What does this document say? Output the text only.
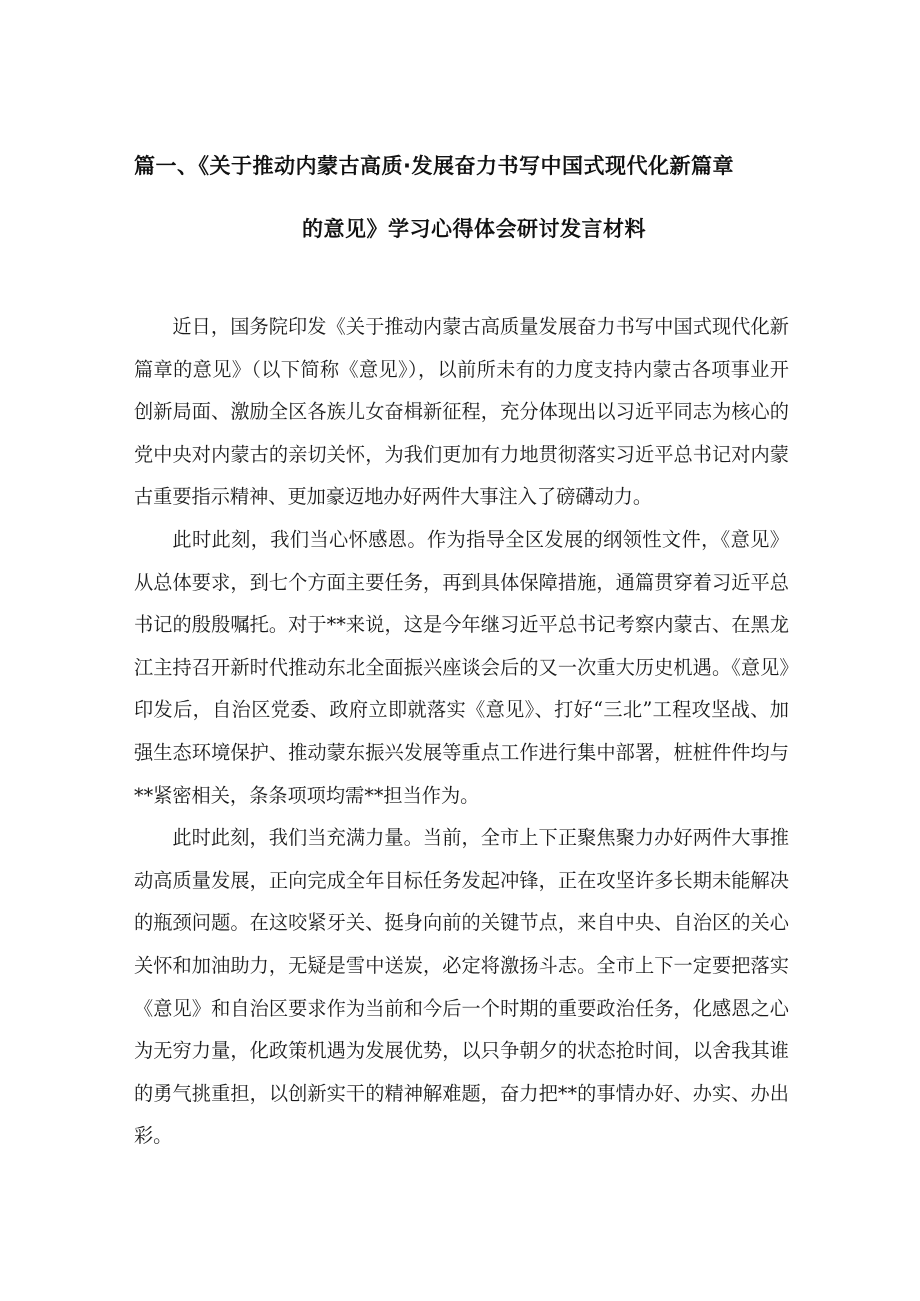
篇一、《关于推动内蒙古高质·发展奋力书写中国式现代化新篇章
的意见》学习心得体会研讨发言材料

近日，国务院印发《关于推动内蒙古高质量发展奋力书写中国式现代化新篇章的意见》（以下简称《意见》），以前所未有的力度支持内蒙古各项事业开创新局面、激励全区各族儿女奋楫新征程，充分体现出以习近平同志为核心的党中央对内蒙古的亲切关怀，为我们更加有力地贯彻落实习近平总书记对内蒙古重要指示精神、更加豪迈地办好两件大事注入了磅礴动力。

此时此刻，我们当心怀感恩。作为指导全区发展的纲领性文件，《意见》从总体要求，到七个方面主要任务，再到具体保障措施，通篇贯穿着习近平总书记的殷殷嘱托。对于**来说，这是今年继习近平总书记考察内蒙古、在黑龙江主持召开新时代推动东北全面振兴座谈会后的又一次重大历史机遇。《意见》印发后，自治区党委、政府立即就落实《意见》、打好“三北”工程攻坚战、加强生态环境保护、推动蒙东振兴发展等重点工作进行集中部署，桩桩件件均与**紧密相关，条条项项均需**担当作为。

此时此刻，我们当充满力量。当前，全市上下正聚焦聚力办好两件大事推动高质量发展，正向完成全年目标任务发起冲锋，正在攻坚许多长期未能解决的瓶颈问题。在这咬紧牙关、挺身向前的关键节点，来自中央、自治区的关心关怀和加油助力，无疑是雪中送炭，必定将激扬斗志。全市上下一定要把落实《意见》和自治区要求作为当前和今后一个时期的重要政治任务，化感恩之心为无穷力量，化政策机遇为发展优势，以只争朝夕的状态抢时间，以舍我其谁的勇气挑重担，以创新实干的精神解难题，奋力把**的事情办好、办实、办出彩。
